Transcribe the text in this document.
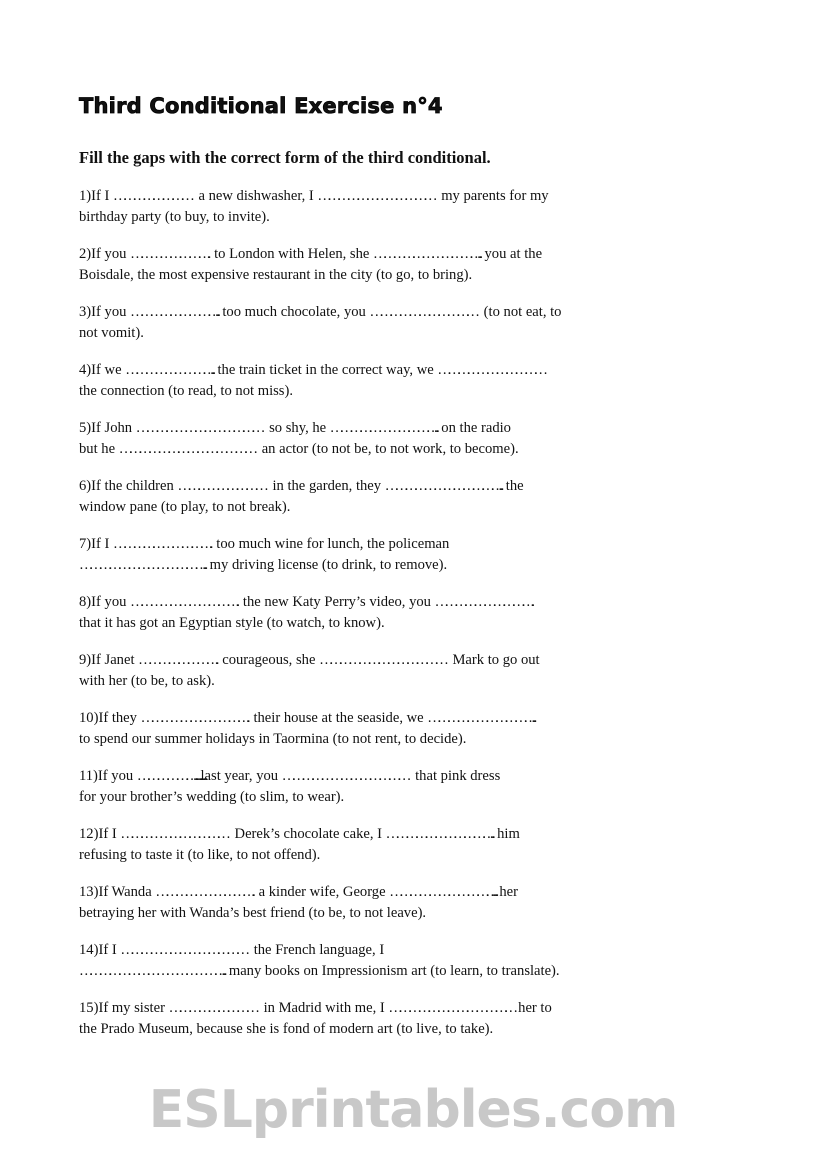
Third Conditional Exercise n°4
Fill the gaps with the correct form of the third conditional.
1)If I …………………… a new dishwasher, I ……………………………… my parents for my
birthday party (to buy, to invite).
2)If you ……………………. to London with Helen, she …………………………….. you at the
Boisdale, the most expensive restaurant in the city (to go, to bring).
3)If you ……………………….. too much chocolate, you …………………………… (to not eat, to
not vomit).
4)If we ……………………….. the train ticket in the correct way, we ……………………………
the connection (to read, to not miss).
5)If John ………………………………… so shy, he …………………………….. on the radio
but he …………………………………… an actor (to not be, to not work, to become).
6)If the children ……………………… in the garden, they ……………………………….. the
window pane (to play, to not break).
7)If I …………………………. too much wine for lunch, the policeman
………………………………….. my driving license (to drink, to remove).
8)If you ……………………………. the new Katy Perry’s video, you ………………………….
that it has got an Egyptian style (to watch, to know).
9)If Janet ……………………. courageous, she ………………………………… Mark to go out
with her (to be, to ask).
10)If they ……………………………. their house at the seaside, we ……………………………..
to spend our summer holidays in Taormina (to not rent, to decide).
11)If you …………………......... last year, you ………………………………… that pink dress
for your brother’s wedding (to slim, to wear).
12)If I …………………………… Derek’s chocolate cake, I …………………………….. him
refusing to taste it (to like, to not offend).
13)If Wanda …………………………. a kinder wife, George ……………………………... her
betraying her with Wanda’s best friend (to be, to not leave).
14)If I ………………………………… the French language, I
……………………………………….. many books on Impressionism art (to learn, to translate).
15)If my sister ……………………… in Madrid with me, I ………………………………… her to
the Prado Museum, because she is fond of modern art (to live, to take).
ESLprintables.com
